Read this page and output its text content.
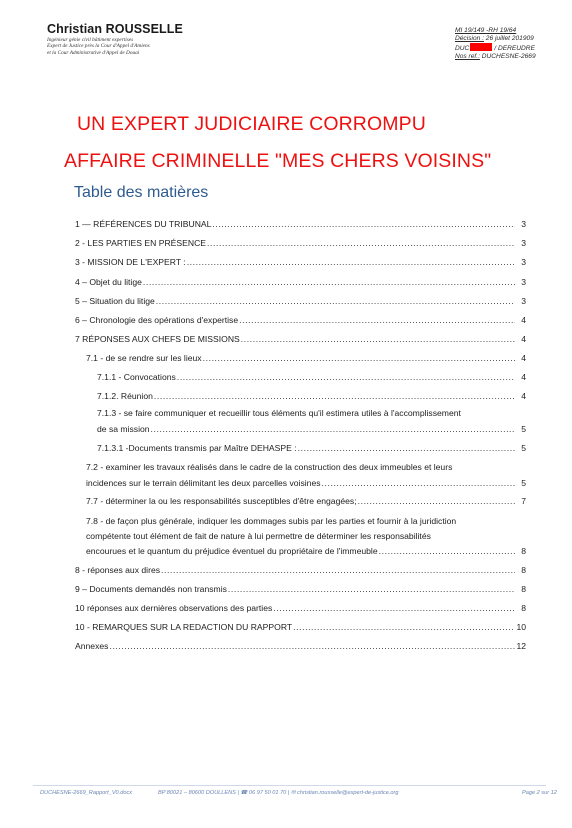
Christian ROUSSELLE
Ingénieur génie civil bâtiment expertises
Expert de Justice près la Cour d'Appel d'Amiens
et la Cour Administrative d'Appel de Douai
MI 19/149 -RH 19/64
Décision : 26 juillet 201909
DUC	/ DEREUDRE
Nos ref.: DUCHESNE-2669
UN EXPERT JUDICIAIRE CORROMPU
AFFAIRE CRIMINELLE "MES CHERS VOISINS"
Table des matières
1 — RÉFÉRENCES DU TRIBUNAL .....	3
2 - LES PARTIES EN PRÉSENCE .....	3
3 - MISSION DE L'EXPERT : .....	3
4 – Objet du litige .....	3
5 – Situation du litige .....	3
6 – Chronologie des opérations d'expertise .....	4
7 RÉPONSES AUX CHEFS DE MISSIONS .....	4
7.1 - de se rendre sur les lieux .....	4
7.1.1 - Convocations .....	4
7.1.2. Réunion .....	4
7.1.3 - se faire communiquer et recueillir tous éléments qu'il estimera utiles à l'accomplissement
de sa mission .....	5
7.1.3.1 -Documents transmis par Maître DEHASPE : .....	5
7.2 - examiner les travaux réalisés dans le cadre de la construction des deux immeubles et leurs
incidences sur le terrain délimitant les deux parcelles voisines .....	5
7.7 - déterminer la ou les responsabilités susceptibles d'être engagées; .....	7
7.8 - de façon plus générale, indiquer les dommages subis par les parties et fournir à la juridiction
compétente tout élément de fait de nature à lui permettre de déterminer les responsabilités
encourues et le quantum du préjudice éventuel du propriétaire de l'immeuble .....	8
8 - réponses aux dires .....	8
9 – Documents demandés non transmis .....	8
10 réponses aux dernières observations des parties .....	8
10 - REMARQUES SUR LA REDACTION DU RAPPORT .....	10
Annexes .....	12
DUCHESNE-2669_Rapport_V0.docx	BP 80021 – 80600 DOULLENS | ☎ 06 97 50 01 70 | ✉ christian.rousselle@expert-de-justice.org	Page 2 sur 12
